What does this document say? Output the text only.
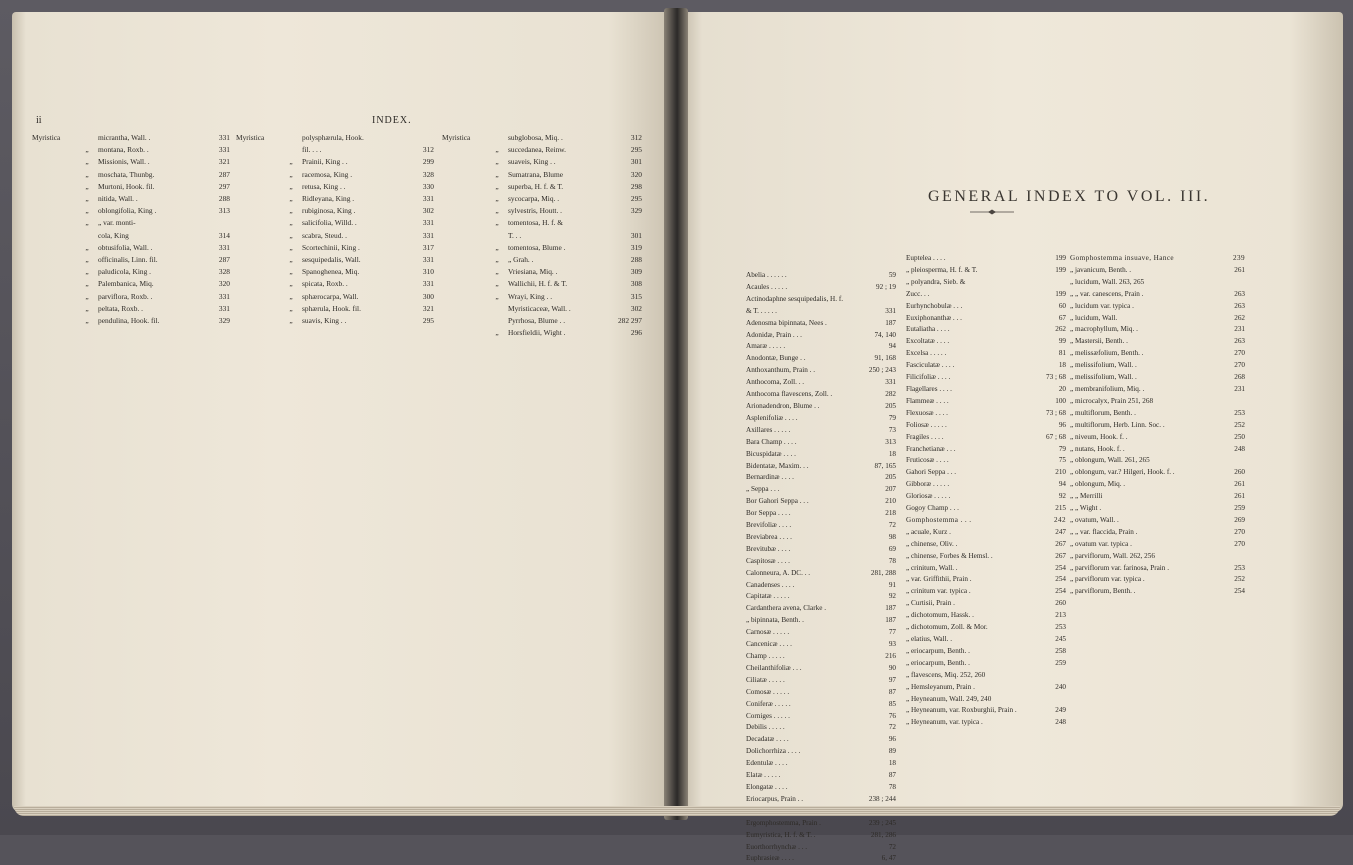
ii	INDEX.
Myristica	micrantha, Wall. .	331
„	montana, Roxb. .	331
„	Missionis, Wall. .	321
„	moschata, Thunbg.	287
„	Murtoni, Hook. fil.	297
„	nitida, Wall. .	288
„	oblongifolia, King .	313
„	„ var. monti-
cola, King	314
„	obtusifolia, Wall. .	331
„	officinalis, Linn. fil.	287
„	paludicola, King .	328
„	Palembanica, Miq.	320
„	parviflora, Roxb. .	331
„	peltata, Roxb. .	331
„	pendulina, Hook. fil.	329
Myristica	polysphærula, Hook.
fil. . . .	312
„	Prainii, King . .	299
„	racemosa, King .	328
„	retusa, King . .	330
„	Ridleyana, King .	331
„	rubiginosa, King .	302
„	salicifolia, Willd. .	331
„	scabra, Steud. .	331
„	Scortechinii, King .	317
„	sesquipedalis, Wall.	331
„	Spanoghenea, Miq.	310
„	spicata, Roxb. .	331
„	sphærocarpa, Wall.	300
„	sphærula, Hook. fil.	321
„	suavis, King . .	295
Myristica	subglobosa, Miq. .	312
„	succedanea, Reinw.	295
„	suaveis, King . .	301
„	Sumatrana, Blume	320
„	superba, H. f. & T.	298
„	sycocarpa, Miq. .	295
„	sylvestris, Houtt. .	329
„	tomentosa, H. f. &
T. . .	301
„	tomentosa, Blume .	319
„	„ Grah. .	288
„	Vriesiana, Miq. .	309
„	Wallichii, H. f. & T.	308
„	Wrayi, King . .	315
Myristicaceæ, Wall. .	302
Pyrrhosa, Blume . .	282 297
„	Horsfieldii, Wight .	296
GENERAL INDEX TO VOL. III.
Abelia . . . . . .	59
Acaules . . . . .	92 ; 19
Actinodaphne sesquipedalis, H. f.
& T. . . . . .	331
Adenosma bipinnata, Nees .	187
Adonidæ, Prain . . .	74, 140
Amaræ . . . . .	94
Anodontæ, Bunge . .	91, 168
Anthoxanthum, Prain . .	250 ; 243
Anthocoma, Zoll. . .	331
Anthocoma flavescens, Zoll. .	282
Arionadendron, Blume . .	205
Asplenifoliæ . . . .	79
Axillares . . . . .	73
Bara Champ . . . .	313
Bicuspidatæ . . . .	18
Bidentatæ, Maxim. . .	87, 165
Bernardinæ . . . .	205
„ Seppa . . .	207
Bor Gahori Seppa . . .	210
Bor Seppa . . . .	218
Brevifoliæ . . . .	72
Breviabrea . . . .	98
Brevitubæ . . . .	69
Caspitosæ . . . .	78
Calonneura, A. DC. . .	281, 288
Canadenses . . . .	91
Capitatæ . . . . .	92
Cardanthera avena, Clarke .	187
„ bipinnata, Benth. .	187
Carnosæ . . . . .	77
Cancenicæ . . . .	93
Champ . . . . .	216
Cheilanthifoliæ . . .	90
Ciliatæ . . . . .	97
Comosæ . . . . .	87
Coniferæ . . . . .	85
Corniges . . . . .	76
Debilis . . . . .	72
Decadatæ . . . .	96
Dolichorrhiza . . . .	89
Edentulæ . . . .	18
Elatæ . . . . .	87
Elongatæ . . . .	78
Eriocarpus, Prain . .	238 ; 244
Ergomphostemma, Prain .	239 ; 245
Eumyristica, H. f. & T. .	281, 286
Euorthorrhynchæ . . .	72
Euphrasieæ . . . .	6, 47
Euptelea . . . .	199
„ pleiosperma, H. f. & T.	199
„ polyandra, Sieb. &
Zucc. . .	199
Eurhynchobulæ . . .	60
Euxiphonanthæ . . .	67
Eutaliatha . . . .	262
Excoltatæ . . . .	99
Excelsa . . . . .	81
Fasciculatæ . . . .	18
Filicifoliæ . . . .	73 ; 68
Flagellares . . . .	20
Flammeæ . . . .	100
Flexuosæ . . . .	73 ; 68
Foliosæ . . . . .	96
Fragiles . . . .	67 ; 68
Franchetianæ . . .	79
Fruticosæ . . . .	75
Gahori Seppa . . .	210
Gibboræ . . . . .	94
Gloriosæ . . . . .	92
Gogoy Champ . . .	215
Gomphostemma . . .	242
„ acuale, Kurz .	247
„ chinense, Oliv. .	267
„ chinense, Forbes & Hemsl. .	267
„ crinitum, Wall. .	254
„ var. Griffithii, Prain .	254
„ crinitum var. typica .	254
„ Curtisii, Prain .	260
„ dichotomum, Hassk. .	213
„ dichotomum, Zoll. & Mor.	253
„ elatius, Wall. .	245
„ eriocarpum, Benth. .	258
„ eriocarpum, Benth. .	259
„ flavescens, Miq. 252, 260
„ Hemsleyanum, Prain .	240
„ Heyneanum, Wall. 249, 240
„ Heyneanum, var. Roxburghii, Prain .	249
„ Heyneanum, var. typica .	248
Gomphostemma insuave, Hance	239
„ javanicum, Benth. .	261
„ lucidum, Wall. 263, 265
„ „ var. canescens, Prain .	263
„ lucidum var. typica .	263
„ lucidum, Wall.	262
„ macrophyllum, Miq. .	231
„ Mastersii, Benth. .	263
„ melissæfolium, Benth. .	270
„ melissifolium, Wall. .	270
„ melissifolium, Wall. .	268
„ membranifolium, Miq. .	231
„ microcalyx, Prain 251, 268
„ multiflorum, Benth. .	253
„ multiflorum, Herb. Linn. Soc. .	252
„ niveum, Hook. f. .	250
„ nutans, Hook. f. .	248
„ oblongum, Wall. 261, 265
„ oblongum, var.? Hilgeri, Hook. f. .	260
„ oblongum, Miq. .	261
„ „ Merrilli	261
„ „ Wight .	259
„ ovatum, Wall. .	269
„ „ var. flaccida, Prain .	270
„ ovatum var. typica .	270
„ parviflorum, Wall. 262, 256
„ parviflorum var. farinosa, Prain .	253
„ parviflorum var. typica .	252
„ parviflorum, Benth. .	254
